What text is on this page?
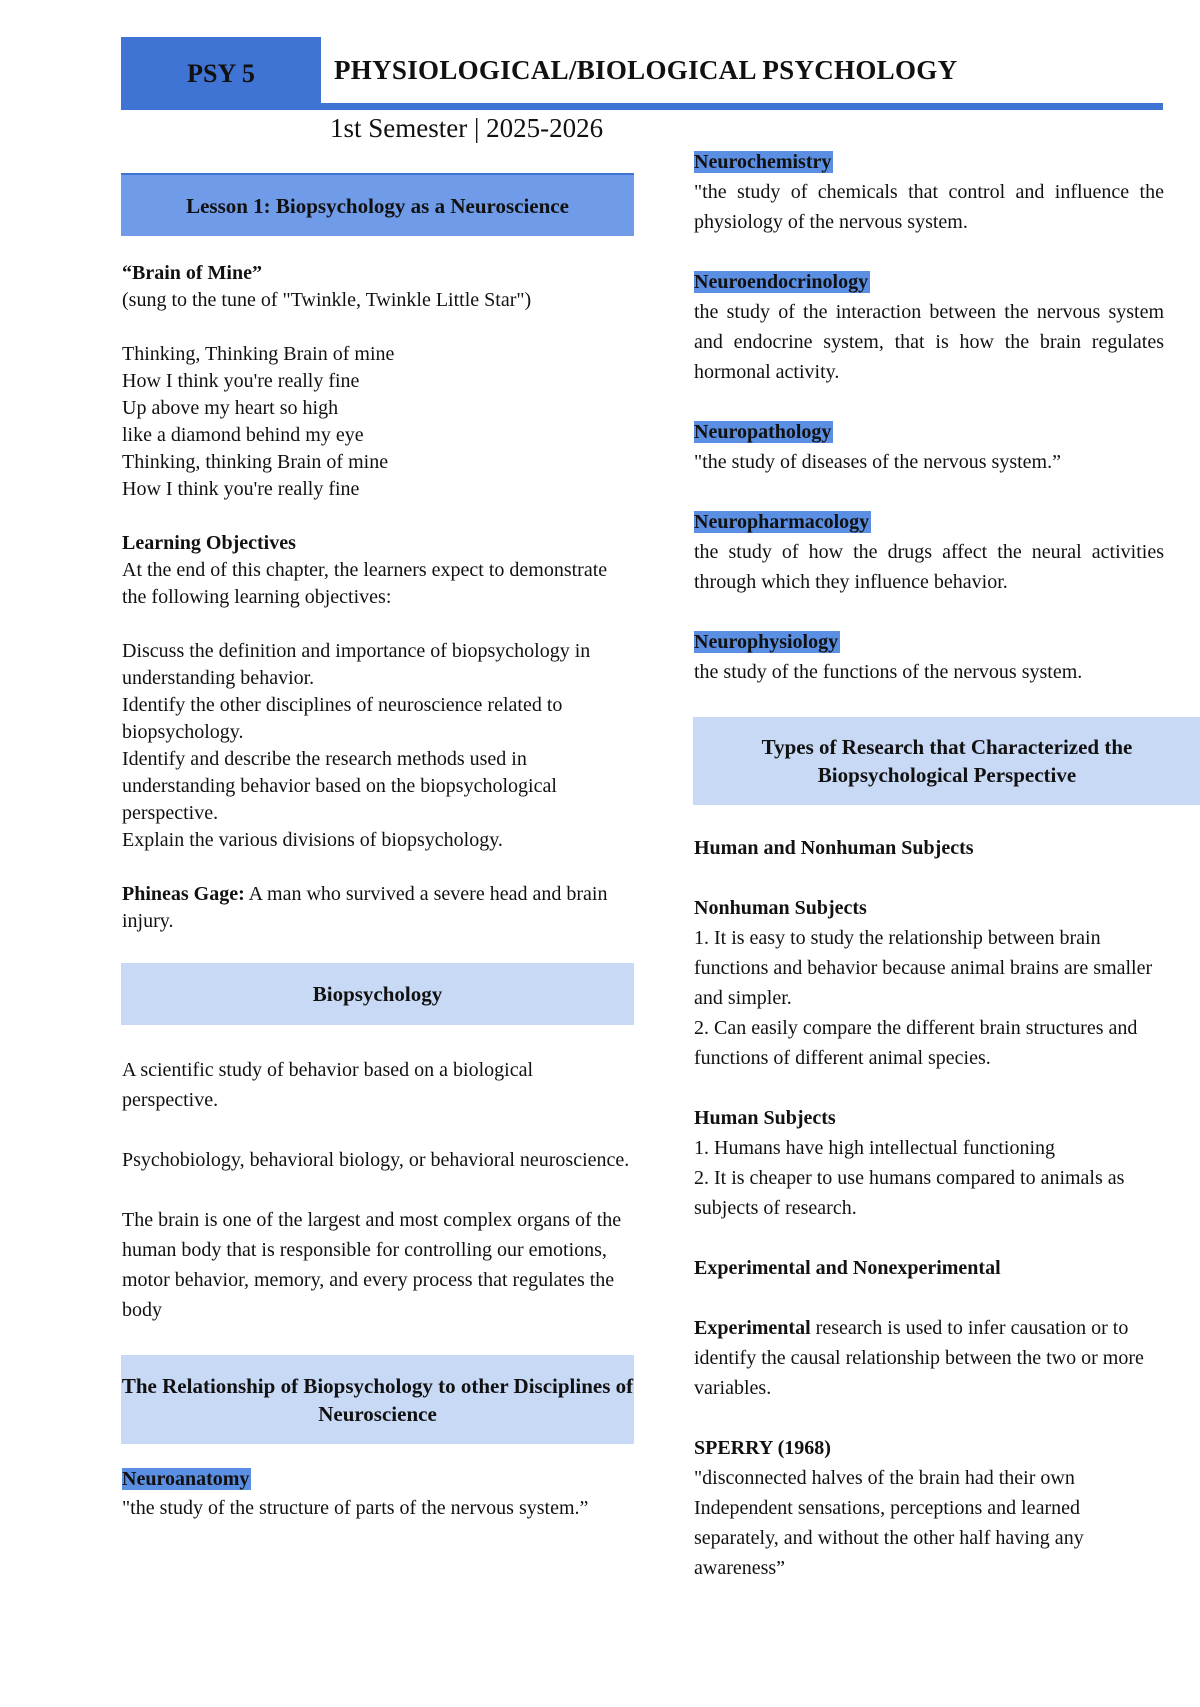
PSY 5	PHYSIOLOGICAL/BIOLOGICAL PSYCHOLOGY
1st Semester | 2025-2026
Lesson 1: Biopsychology as a Neuroscience

“Brain of Mine”

(sung to the tune of "Twinkle, Twinkle Little Star")

Thinking, Thinking Brain of mine

How I think you're really fine

Up above my heart so high

like a diamond behind my eye

Thinking, thinking Brain of mine

How I think you're really fine

Learning Objectives

At the end of this chapter, the learners expect to demonstrate the following learning objectives:

Discuss the definition and importance of biopsychology in understanding behavior.

Identify the other disciplines of neuroscience related to biopsychology.

Identify and describe the research methods used in understanding behavior based on the biopsychological perspective.

Explain the various divisions of biopsychology.

Phineas Gage: A man who survived a severe head and brain injury.

Biopsychology

A scientific study of behavior based on a biological perspective.

Psychobiology, behavioral biology, or behavioral neuroscience.

The brain is one of the largest and most complex organs of the human body that is responsible for controlling our emotions, motor behavior, memory, and every process that regulates the body

The Relationship of Biopsychology to other Disciplines of Neuroscience

Neuroanatomy

"the study of the structure of parts of the nervous system.”

Neurochemistry

"the study of chemicals that control and influence the physiology of the nervous system.

Neuroendocrinology

the study of the interaction between the nervous system and endocrine system, that is how the brain regulates hormonal activity.

Neuropathology

"the study of diseases of the nervous system.”

Neuropharmacology

the study of how the drugs affect the neural activities through which they influence behavior.

Neurophysiology

the study of the functions of the nervous system.

Types of Research that Characterized the Biopsychological Perspective

Human and Nonhuman Subjects

Nonhuman Subjects

1. It is easy to study the relationship between brain functions and behavior because animal brains are smaller and simpler.

2. Can easily compare the different brain structures and functions of different animal species.

Human Subjects

1. Humans have high intellectual functioning

2. It is cheaper to use humans compared to animals as subjects of research.

Experimental and Nonexperimental

Experimental research is used to infer causation or to identify the causal relationship between the two or more variables.

SPERRY (1968)

"disconnected halves of the brain had their own Independent sensations, perceptions and learned separately, and without the other half having any awareness”
